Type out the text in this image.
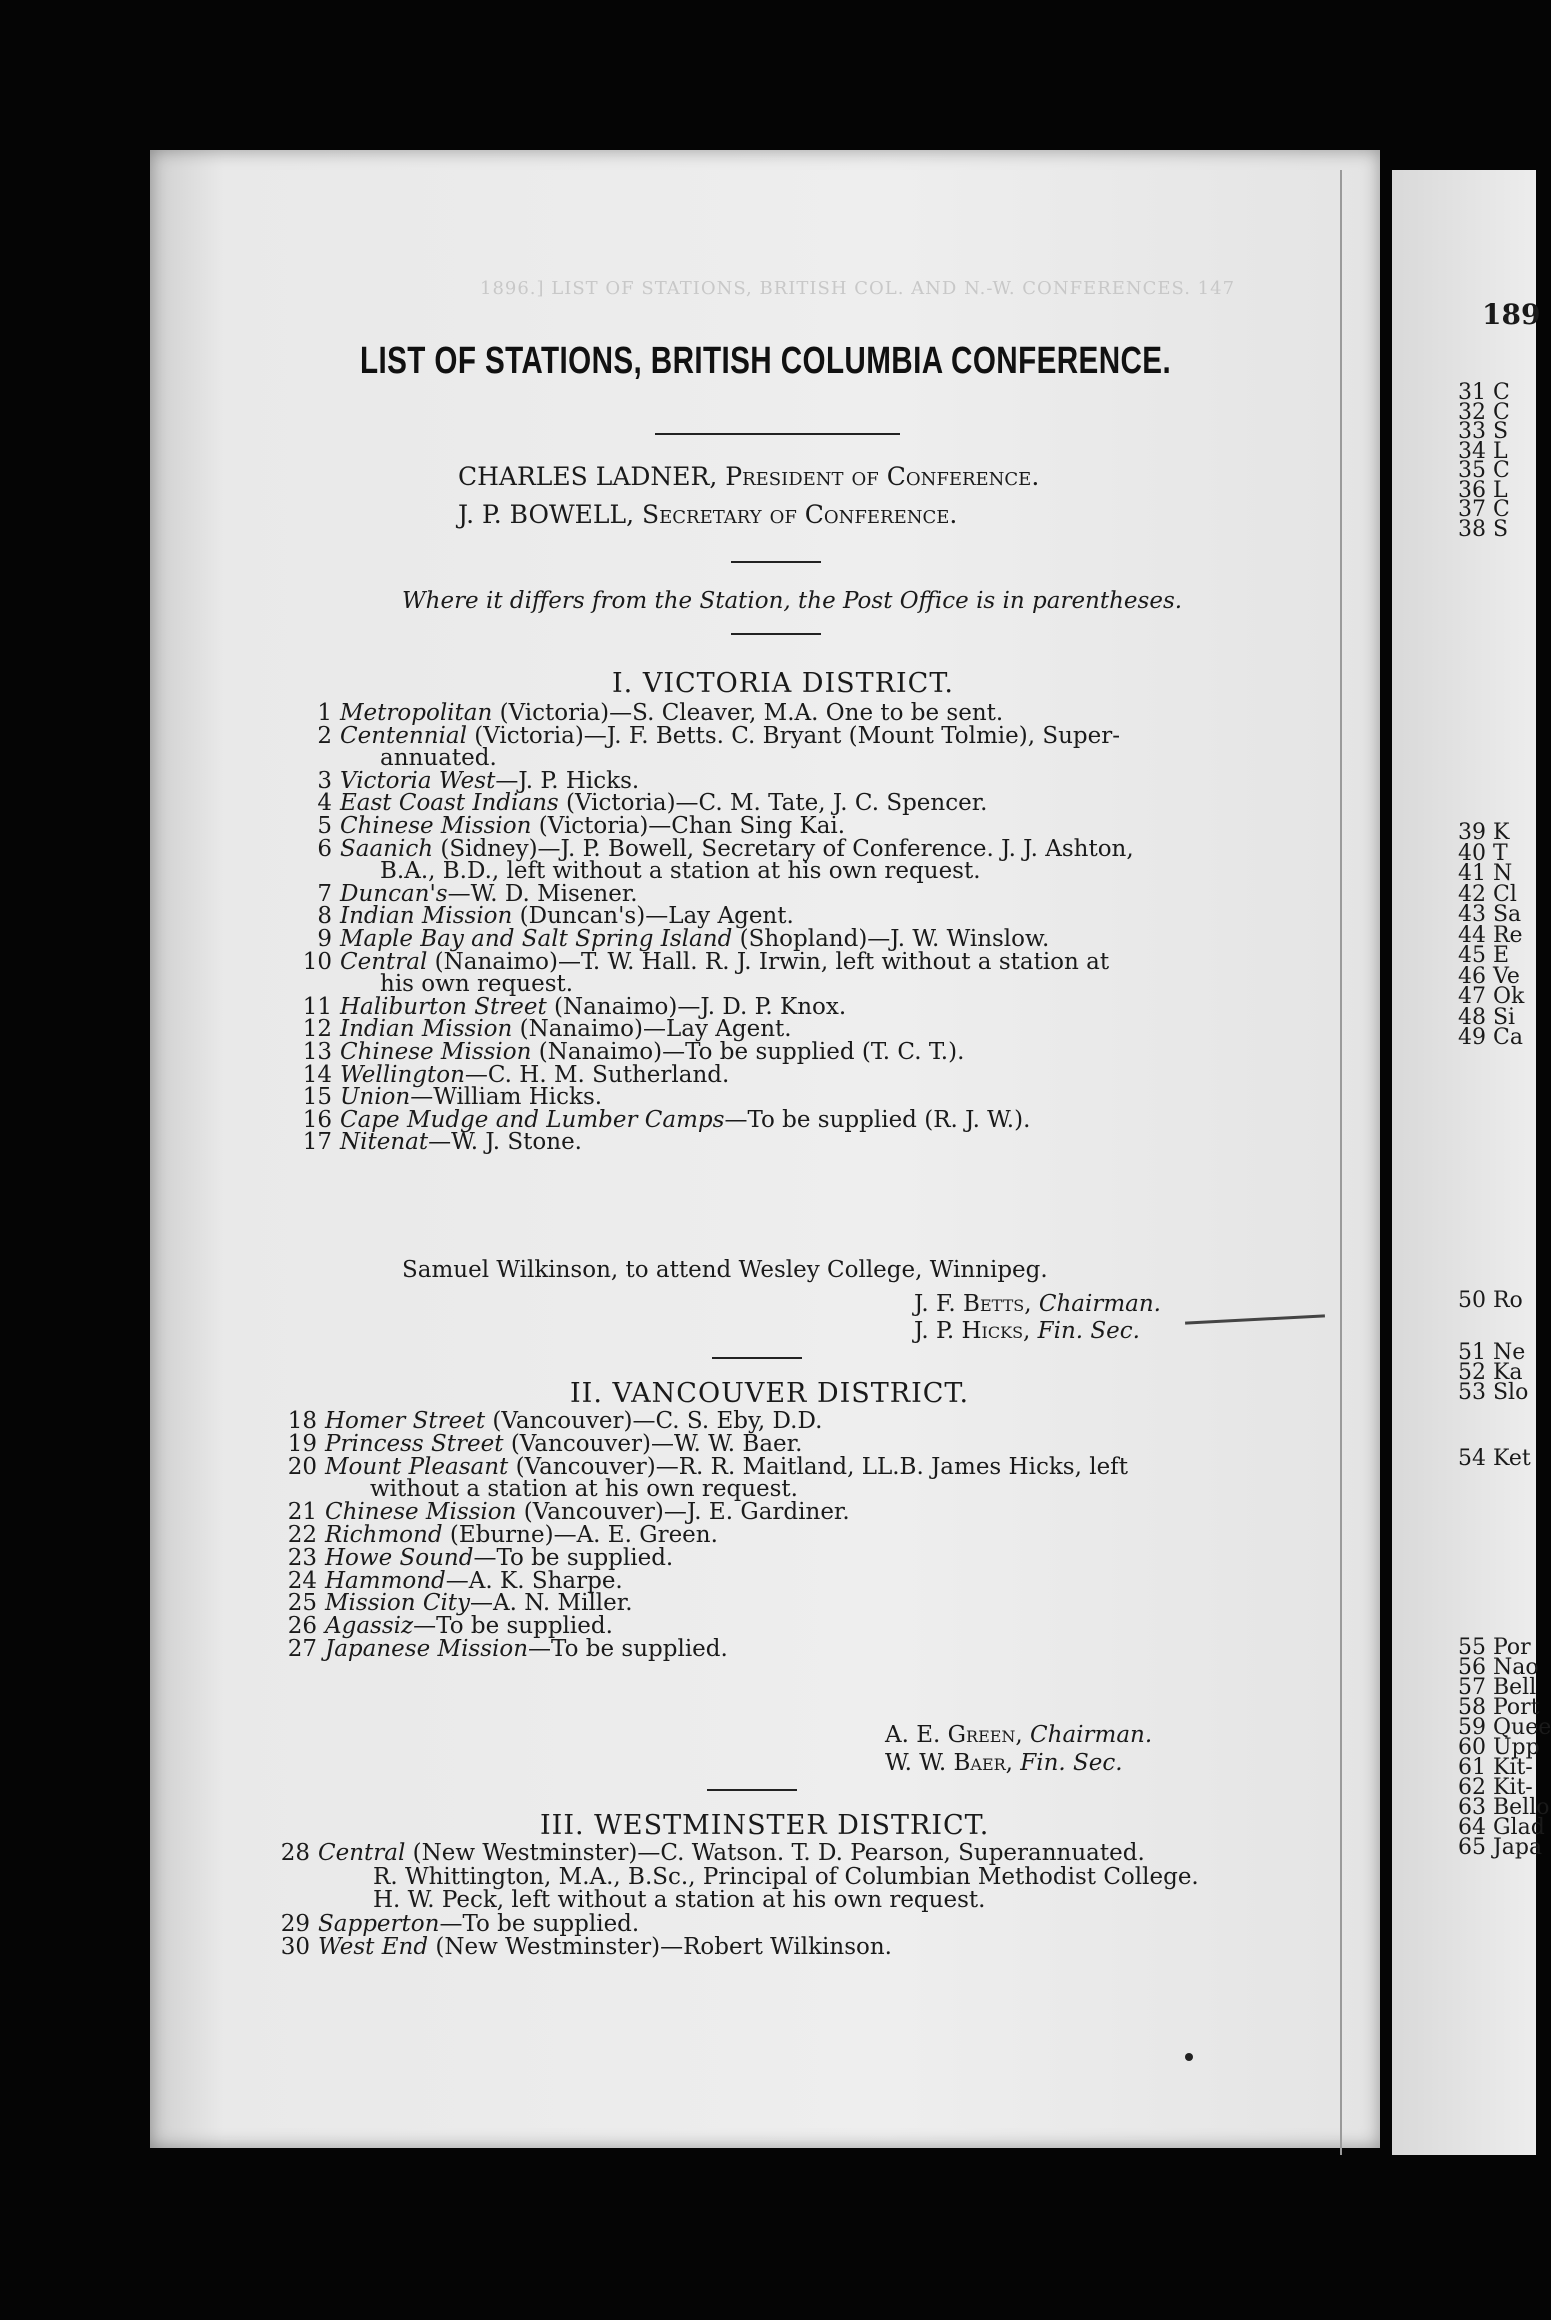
1896.] LIST OF STATIONS, BRITISH COL. AND N.-W. CONFERENCES. 147
189
LIST OF STATIONS, BRITISH COLUMBIA CONFERENCE.
CHARLES LADNER, President of Conference.
J. P. BOWELL, Secretary of Conference.
Where it differs from the Station, the Post Office is in parentheses.
I. VICTORIA DISTRICT.
1 Metropolitan (Victoria)—S. Cleaver, M.A. One to be sent.
2 Centennial (Victoria)—J. F. Betts. C. Bryant (Mount Tolmie), Super-
annuated.
3 Victoria West—J. P. Hicks.
4 East Coast Indians (Victoria)—C. M. Tate, J. C. Spencer.
5 Chinese Mission (Victoria)—Chan Sing Kai.
6 Saanich (Sidney)—J. P. Bowell, Secretary of Conference. J. J. Ashton,
B.A., B.D., left without a station at his own request.
7 Duncan's—W. D. Misener.
8 Indian Mission (Duncan's)—Lay Agent.
9 Maple Bay and Salt Spring Island (Shopland)—J. W. Winslow.
10 Central (Nanaimo)—T. W. Hall. R. J. Irwin, left without a station at
his own request.
11 Haliburton Street (Nanaimo)—J. D. P. Knox.
12 Indian Mission (Nanaimo)—Lay Agent.
13 Chinese Mission (Nanaimo)—To be supplied (T. C. T.).
14 Wellington—C. H. M. Sutherland.
15 Union—William Hicks.
16 Cape Mudge and Lumber Camps—To be supplied (R. J. W.).
17 Nitenat—W. J. Stone.
Samuel Wilkinson, to attend Wesley College, Winnipeg.
J. F. Betts, Chairman.
J. P. Hicks, Fin. Sec.
II. VANCOUVER DISTRICT.
18 Homer Street (Vancouver)—C. S. Eby, D.D.
19 Princess Street (Vancouver)—W. W. Baer.
20 Mount Pleasant (Vancouver)—R. R. Maitland, LL.B. James Hicks, left
without a station at his own request.
21 Chinese Mission (Vancouver)—J. E. Gardiner.
22 Richmond (Eburne)—A. E. Green.
23 Howe Sound—To be supplied.
24 Hammond—A. K. Sharpe.
25 Mission City—A. N. Miller.
26 Agassiz—To be supplied.
27 Japanese Mission—To be supplied.
A. E. Green, Chairman.
W. W. Baer, Fin. Sec.
III. WESTMINSTER DISTRICT.
28 Central (New Westminster)—C. Watson. T. D. Pearson, Superannuated.
R. Whittington, M.A., B.Sc., Principal of Columbian Methodist College.
H. W. Peck, left without a station at his own request.
29 Sapperton—To be supplied.
30 West End (New Westminster)—Robert Wilkinson.
31 C
32 C
33 S
34 L
35 C
36 L
37 C
38 S
39 K
40 T
41 N
42 Cl
43 Sa
44 Re
45 E
46 Ve
47 Ok
48 Si
49 Ca
50 Ro
51 Ne
52 Ka
53 Slo
54 Ket
55 Por
56 Nao
57 Bell
58 Port
59 Quee
60 Upp
61 Kit-
62 Kit-
63 Bello
64 Glad
65 Japa
